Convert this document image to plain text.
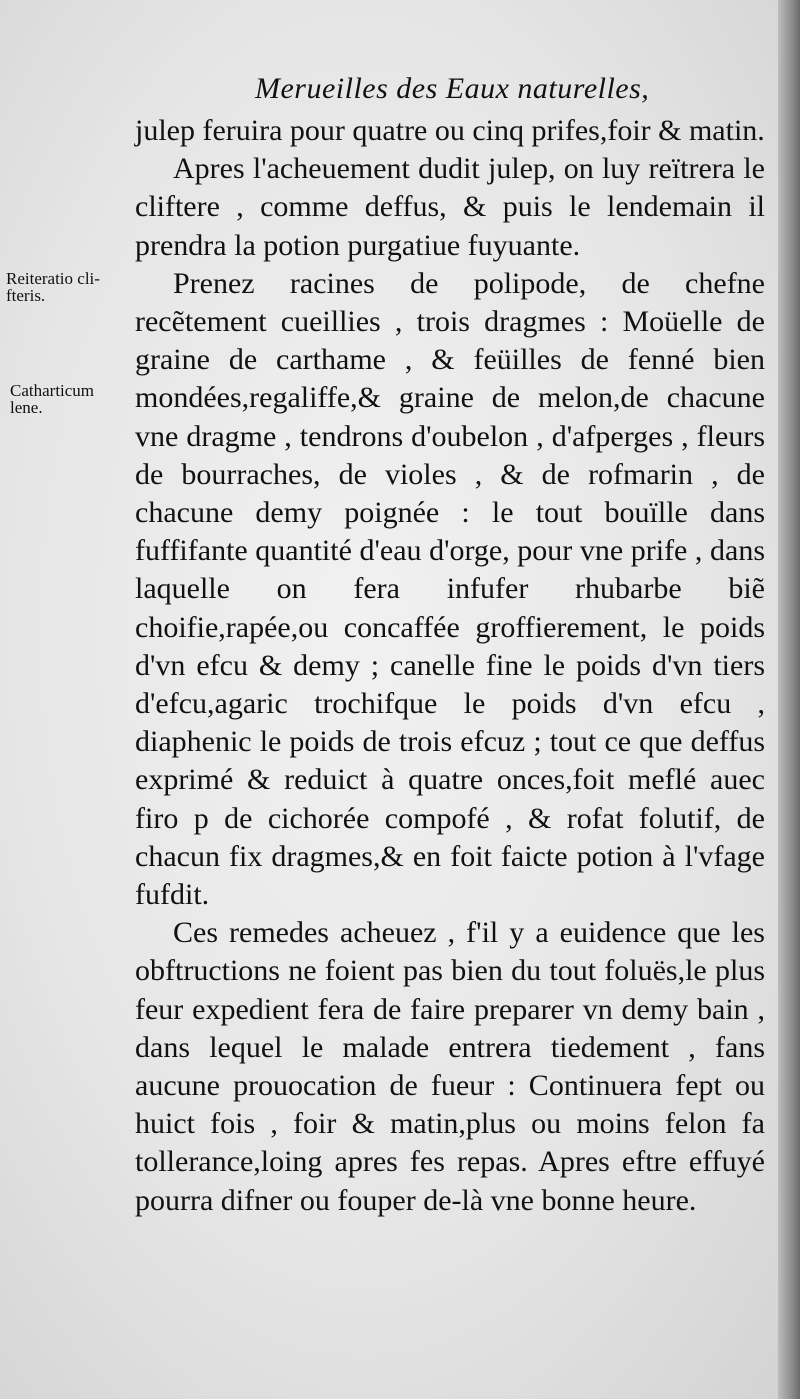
Merueilles des Eaux naturelles,
Reiteratio cli-
fteris.
Catharticum
lene.

julep feruira pour quatre ou cinq prifes,foir & matin.

Apres l'acheuement dudit julep, on luy reïtrera le cliftere , comme deffus, & puis le lendemain il prendra la potion purgatiue fuyuante.

Prenez racines de polipode, de chefne recẽtement cueillies , trois dragmes : Moüelle de graine de carthame , & feüilles de fenné bien mondées,regaliffe,& graine de melon,de chacune vne dragme , tendrons d'oubelon , d'afperges , fleurs de bourraches, de violes , & de rofmarin , de chacune demy poignée : le tout bouïlle dans fuffifante quantité d'eau d'orge, pour vne prife , dans laquelle on fera infufer rhubarbe biẽ choifie,rapée,ou concaffée groffierement, le poids d'vn efcu & demy ; canelle fine le poids d'vn tiers d'efcu,agaric trochifque le poids d'vn efcu , diaphenic le poids de trois efcuz ; tout ce que deffus exprimé & reduict à quatre onces,foit meflé auec firo p de cichorée compofé , & rofat folutif, de chacun fix dragmes,& en foit faicte potion à l'vfage fufdit.

Ces remedes acheuez , f'il y a euidence que les obftructions ne foient pas bien du tout foluës,le plus feur expedient fera de faire preparer vn demy bain , dans lequel le malade entrera tiedement , fans aucune prouocation de fueur : Continuera fept ou huict fois , foir & matin,plus ou moins felon fa tollerance,loing apres fes repas. Apres eftre effuyé pourra difner ou fouper de-là vne bonne heure.
